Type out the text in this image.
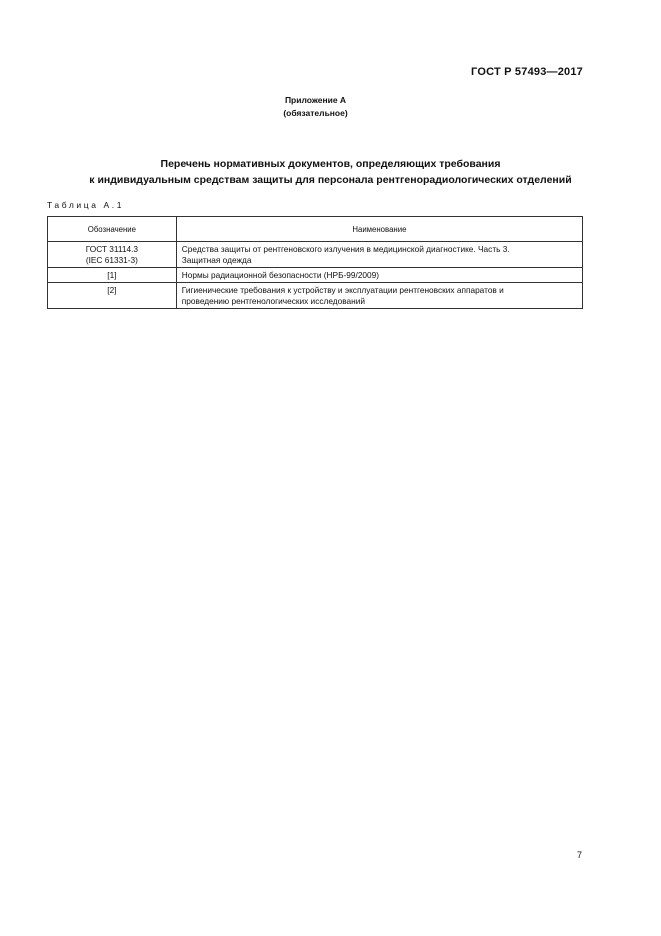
ГОСТ Р 57493—2017
Приложение А
(обязательное)
Перечень нормативных документов, определяющих требования
к индивидуальным средствам защиты для персонала рентгенорадиологических отделений
Таблица А.1
Обозначение	Наименование

ГОСТ 31114.3
(IEC 61331-3)	Средства защиты от рентгеновского излучения в медицинской диагностике. Часть 3.
Защитная одежда

[1]	Нормы радиационной безопасности (НРБ-99/2009)

[2]	Гигиенические требования к устройству и эксплуатации рентгеновских аппаратов и
проведению рентгенологических исследований
7
